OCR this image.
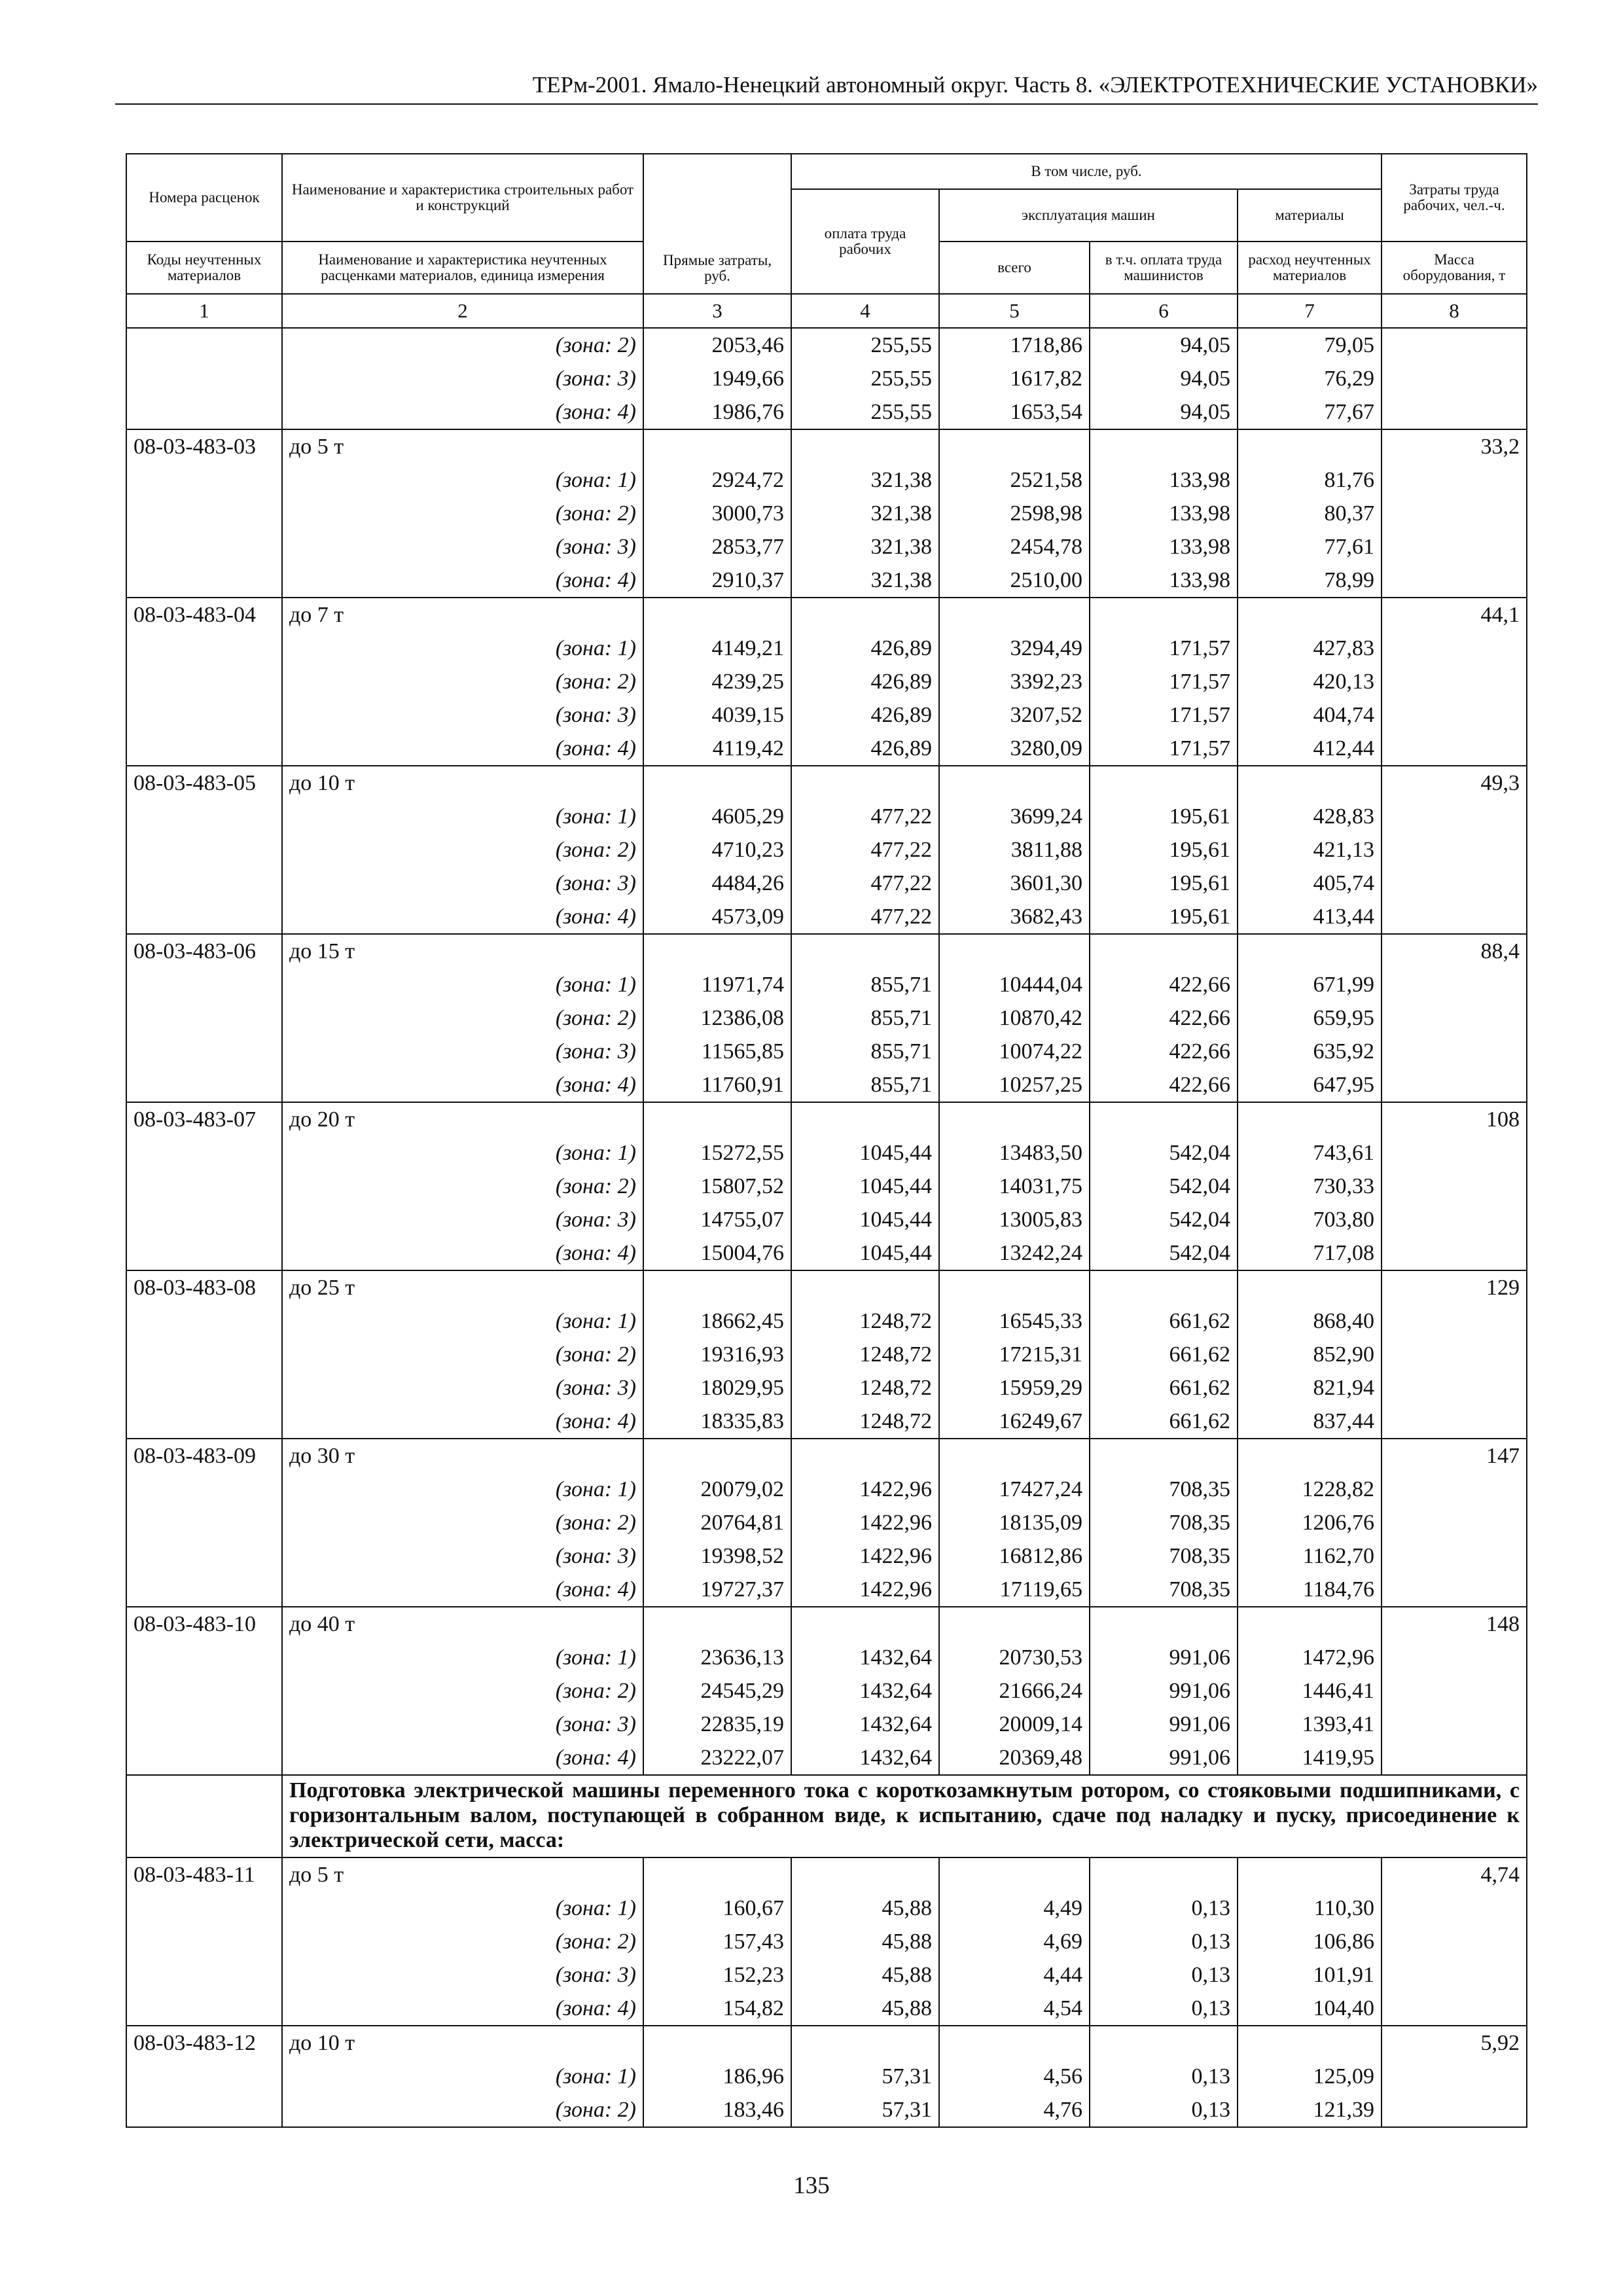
ТЕРм-2001. Ямало-Ненецкий автономный округ. Часть 8. «ЭЛЕКТРОТЕХНИЧЕСКИЕ УСТАНОВКИ»
Номера расценок	Наименование и характеристика строительных работ и конструкций	Прямые затраты, руб.	В том числе, руб.				Затраты труда рабочих, чел.-ч.
			оплата труда рабочих	эксплуатация машин		материалы	
Коды неучтенных материалов	Наименование и характеристика неучтенных расценками материалов, единица измерения			всего	в т.ч. оплата труда машинистов	расход неучтенных материалов	Масса оборудования, т
1	2	3	4	5	6	7	8

	(зона: 2)	2053,46	255,55	1718,86	94,05	79,05	

	(зона: 3)	1949,66	255,55	1617,82	94,05	76,29	

	(зона: 4)	1986,76	255,55	1653,54	94,05	77,67	
08-03-483-03	до 5 т						33,2

	(зона: 1)	2924,72	321,38	2521,58	133,98	81,76	

	(зона: 2)	3000,73	321,38	2598,98	133,98	80,37	

	(зона: 3)	2853,77	321,38	2454,78	133,98	77,61	

	(зона: 4)	2910,37	321,38	2510,00	133,98	78,99	
08-03-483-04	до 7 т						44,1

	(зона: 1)	4149,21	426,89	3294,49	171,57	427,83	

	(зона: 2)	4239,25	426,89	3392,23	171,57	420,13	

	(зона: 3)	4039,15	426,89	3207,52	171,57	404,74	

	(зона: 4)	4119,42	426,89	3280,09	171,57	412,44	
08-03-483-05	до 10 т						49,3

	(зона: 1)	4605,29	477,22	3699,24	195,61	428,83	

	(зона: 2)	4710,23	477,22	3811,88	195,61	421,13	

	(зона: 3)	4484,26	477,22	3601,30	195,61	405,74	

	(зона: 4)	4573,09	477,22	3682,43	195,61	413,44	
08-03-483-06	до 15 т						88,4

	(зона: 1)	11971,74	855,71	10444,04	422,66	671,99	

	(зона: 2)	12386,08	855,71	10870,42	422,66	659,95	

	(зона: 3)	11565,85	855,71	10074,22	422,66	635,92	

	(зона: 4)	11760,91	855,71	10257,25	422,66	647,95	
08-03-483-07	до 20 т						108

	(зона: 1)	15272,55	1045,44	13483,50	542,04	743,61	

	(зона: 2)	15807,52	1045,44	14031,75	542,04	730,33	

	(зона: 3)	14755,07	1045,44	13005,83	542,04	703,80	

	(зона: 4)	15004,76	1045,44	13242,24	542,04	717,08	
08-03-483-08	до 25 т						129

	(зона: 1)	18662,45	1248,72	16545,33	661,62	868,40	

	(зона: 2)	19316,93	1248,72	17215,31	661,62	852,90	

	(зона: 3)	18029,95	1248,72	15959,29	661,62	821,94	

	(зона: 4)	18335,83	1248,72	16249,67	661,62	837,44	
08-03-483-09	до 30 т						147

	(зона: 1)	20079,02	1422,96	17427,24	708,35	1228,82	

	(зона: 2)	20764,81	1422,96	18135,09	708,35	1206,76	

	(зона: 3)	19398,52	1422,96	16812,86	708,35	1162,70	

	(зона: 4)	19727,37	1422,96	17119,65	708,35	1184,76	
08-03-483-10	до 40 т						148

	(зона: 1)	23636,13	1432,64	20730,53	991,06	1472,96	

	(зона: 2)	24545,29	1432,64	21666,24	991,06	1446,41	

	(зона: 3)	22835,19	1432,64	20009,14	991,06	1393,41	

	(зона: 4)	23222,07	1432,64	20369,48	991,06	1419,95	
	Подготовка электрической машины переменного тока с короткозамкнутым ротором, со стояковыми подшипниками, с горизонтальным валом, поступающей в собранном виде, к испытанию, сдаче под наладку и пуску, присоединение к электрической сети, масса:						
08-03-483-11	до 5 т						4,74

	(зона: 1)	160,67	45,88	4,49	0,13	110,30	

	(зона: 2)	157,43	45,88	4,69	0,13	106,86	

	(зона: 3)	152,23	45,88	4,44	0,13	101,91	

	(зона: 4)	154,82	45,88	4,54	0,13	104,40	
08-03-483-12	до 10 т						5,92

	(зона: 1)	186,96	57,31	4,56	0,13	125,09	

	(зона: 2)	183,46	57,31	4,76	0,13	121,39	
135
